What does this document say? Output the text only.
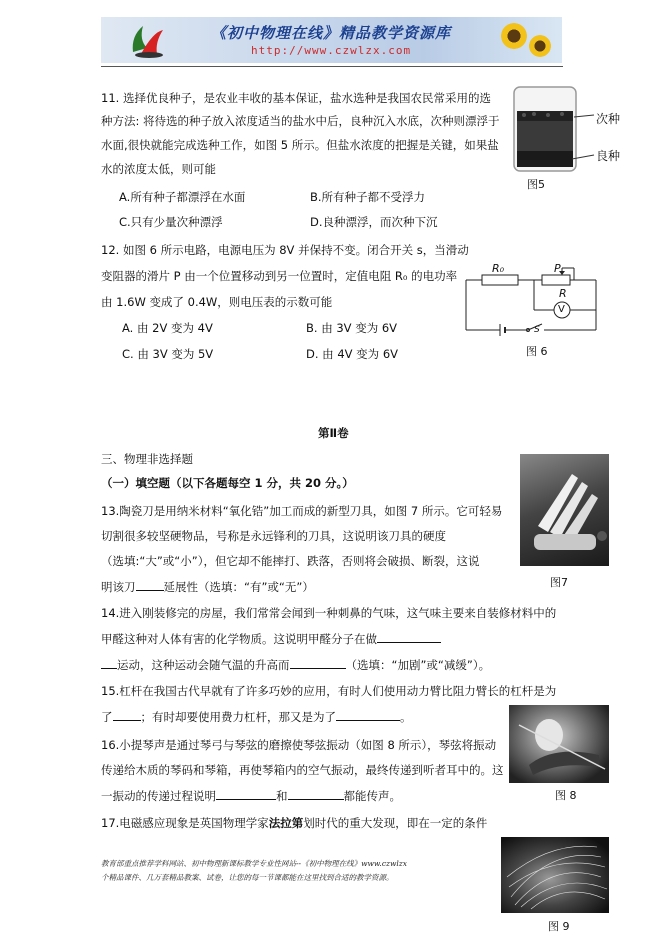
《初中物理在线》精品教学资源库
http://www.czwlzx.com
11. 选择优良种子，是农业丰收的基本保证，盐水选种是我国农民常采用的选
种方法: 将待选的种子放入浓度适当的盐水中后，良种沉入水底，次种则漂浮于
水面,很快就能完成选种工作，如图 5 所示。但盐水浓度的把握是关键，如果盐
水的浓度太低，则可能
A.所有种子都漂浮在水面	B.所有种子都不受浮力
C.只有少量次种漂浮	D.良种漂浮，而次种下沉
次种
良种
图5
12. 如图 6 所示电路，电源电压为 8V 并保持不变。闭合开关 s，当滑动
变阻器的滑片 P 由一个位置移动到另一位置时，定值电阻 R₀ 的电功率
由 1.6W 变成了 0.4W，则电压表的示数可能
A. 由 2V 变为 4V	B. 由 3V 变为 6V
C. 由 3V 变为 5V	D. 由 4V 变为 6V
R₀	P
R
V
S
图 6
第Ⅱ卷
三、物理非选择题
（一）填空题（以下各题每空 1 分，共 20 分。）
图7
13.陶瓷刀是用纳米材料“氧化锆”加工而成的新型刀具，如图 7 所示。它可轻易
切割很多较坚硬物品，号称是永远锋利的刀具，这说明该刀具的硬度
（选填:“大”或“小”），但它却不能摔打、跌落，否则将会破损、断裂，这说
明该刀 延展性（选填：“有”或“无”）
14.进入刚装修完的房屋，我们常常会闻到一种刺鼻的气味，这气味主要来自装修材料中的
甲醛这种对人体有害的化学物质。这说明甲醛分子在做
运动，这种运动会随气温的升高而	（选填：“加剧”或“减缓”）。
15.杠杆在我国古代早就有了许多巧妙的应用，有时人们使用动力臂比阻力臂长的杠杆是为
了 ；有时却要使用费力杠杆，那又是为了	。
图 8
16.小提琴声是通过琴弓与琴弦的磨擦使琴弦振动（如图 8 所示），琴弦将振动
传递给木质的琴码和琴箱，再使琴箱内的空气振动，最终传递到听者耳中的。这
一振动的传递过程说明	和	都能传声。
17.电磁感应现象是英国物理学家法拉第划时代的重大发现，即在一定的条件
教育部重点推荐学科网站、初中物理新课标教学专业性网站--《初中物理在线》www.czwlzx
个精品课件、几万套精品教案、试卷，让您的每一节课都能在这里找到合适的教学资源。
图 9
